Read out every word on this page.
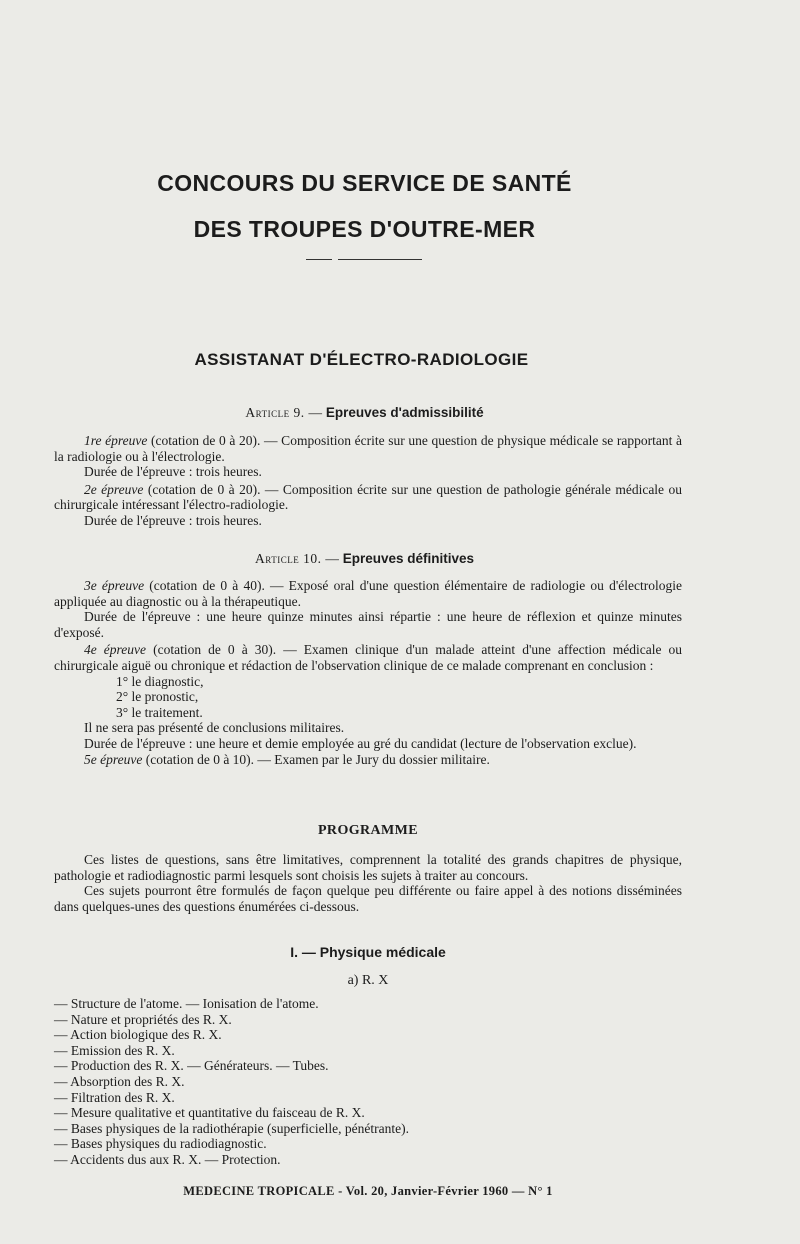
CONCOURS DU SERVICE DE SANTÉ
DES TROUPES D'OUTRE-MER
ASSISTANAT D'ÉLECTRO-RADIOLOGIE
Article 9. — Epreuves d'admissibilité

1re épreuve (cotation de 0 à 20). — Composition écrite sur une question de physique médicale se rapportant à la radiologie ou à l'électrologie.

Durée de l'épreuve : trois heures.

2e épreuve (cotation de 0 à 20). — Composition écrite sur une question de pathologie générale médicale ou chirurgicale intéressant l'électro-radiologie.

Durée de l'épreuve : trois heures.

Article 10. — Epreuves définitives

3e épreuve (cotation de 0 à 40). — Exposé oral d'une question élémentaire de radiologie ou d'électrologie appliquée au diagnostic ou à la thérapeutique.

Durée de l'épreuve : une heure quinze minutes ainsi répartie : une heure de réflexion et quinze minutes d'exposé.

4e épreuve (cotation de 0 à 30). — Examen clinique d'un malade atteint d'une affection médicale ou chirurgicale aiguë ou chronique et rédaction de l'observation clinique de ce malade comprenant en conclusion :

1° le diagnostic,
2° le pronostic,
3° le traitement.

Il ne sera pas présenté de conclusions militaires.

Durée de l'épreuve : une heure et demie employée au gré du candidat (lecture de l'observation exclue).

5e épreuve (cotation de 0 à 10). — Examen par le Jury du dossier militaire.

PROGRAMME

Ces listes de questions, sans être limitatives, comprennent la totalité des grands chapitres de physique, pathologie et radiodiagnostic parmi lesquels sont choisis les sujets à traiter au concours.

Ces sujets pourront être formulés de façon quelque peu différente ou faire appel à des notions disséminées dans quelques-unes des questions énumérées ci-dessous.

I. — Physique médicale
a) R. X
— Structure de l'atome. — Ionisation de l'atome.
— Nature et propriétés des R. X.
— Action biologique des R. X.
— Emission des R. X.
— Production des R. X. — Générateurs. — Tubes.
— Absorption des R. X.
— Filtration des R. X.
— Mesure qualitative et quantitative du faisceau de R. X.
— Bases physiques de la radiothérapie (superficielle, pénétrante).
— Bases physiques du radiodiagnostic.
— Accidents dus aux R. X. — Protection.
MEDECINE TROPICALE - Vol. 20, Janvier-Février 1960 — N° 1
